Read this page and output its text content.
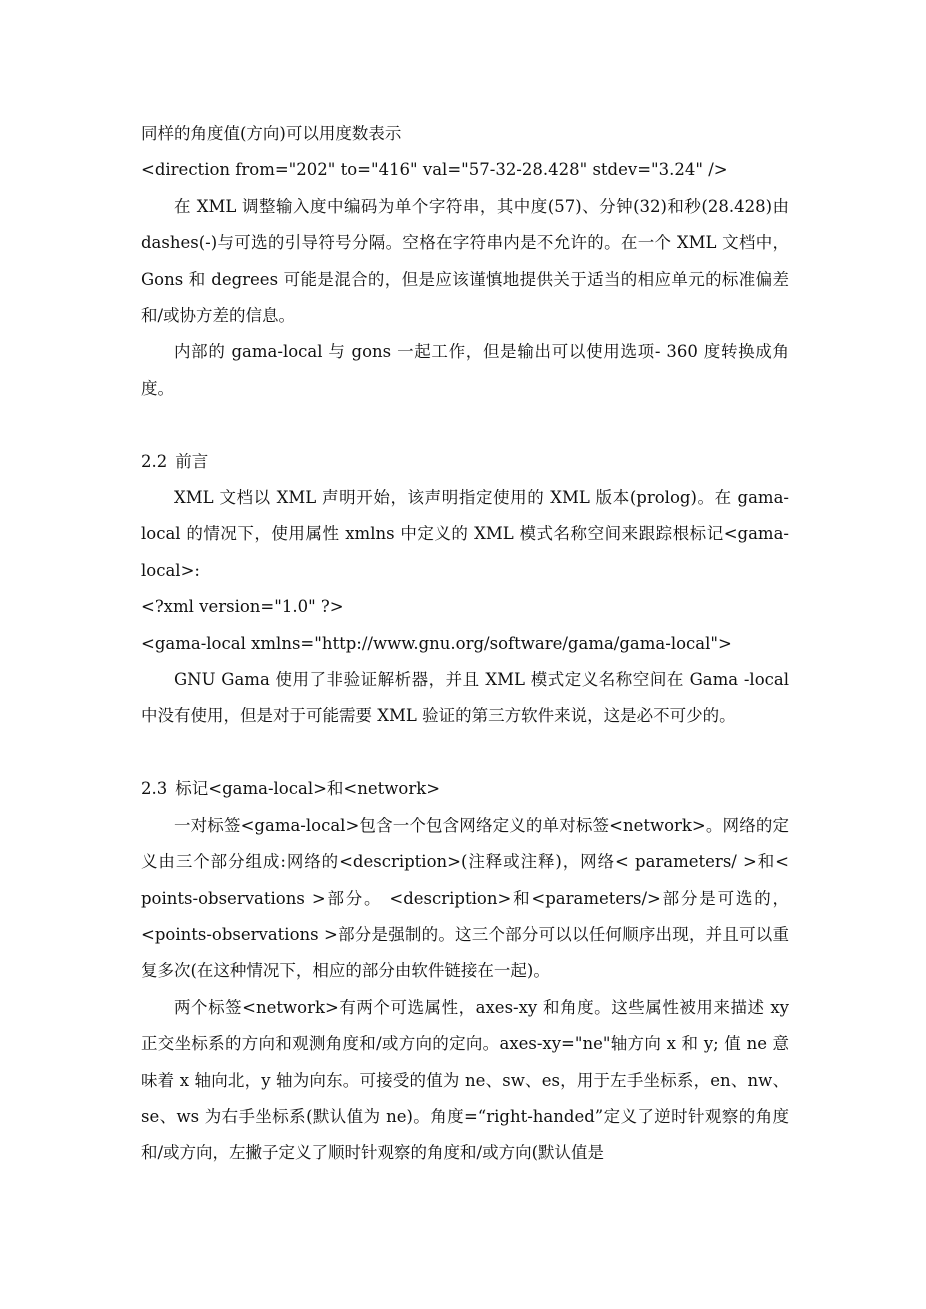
同样的角度值(方向)可以用度数表示

<direction from="202" to="416" val="57-32-28.428" stdev="3.24" />

在 XML 调整输入度中编码为单个字符串，其中度(57)、分钟(32)和秒(28.428)由 dashes(-)与可选的引导符号分隔。空格在字符串内是不允许的。在一个 XML 文档中，Gons 和 degrees 可能是混合的，但是应该谨慎地提供关于适当的相应单元的标准偏差和/或协方差的信息。

内部的 gama-local 与 gons 一起工作，但是输出可以使用选项- 360 度转换成角度。

2.2 前言

XML 文档以 XML 声明开始，该声明指定使用的 XML 版本(prolog)。在 gama-local 的情况下，使用属性 xmlns 中定义的 XML 模式名称空间来跟踪根标记<gama-local>:

<?xml version="1.0" ?>

<gama-local xmlns="http://www.gnu.org/software/gama/gama-local">

GNU Gama 使用了非验证解析器，并且 XML 模式定义名称空间在 Gama -local 中没有使用，但是对于可能需要 XML 验证的第三方软件来说，这是必不可少的。

2.3 标记<gama-local>和<network>

一对标签<gama-local>包含一个包含网络定义的单对标签<network>。网络的定义由三个部分组成:网络的<description>(注释或注释)，网络< parameters/ >和< points-observations >部分。 <description>和<parameters/>部分是可选的，<points-observations >部分是强制的。这三个部分可以以任何顺序出现，并且可以重复多次(在这种情况下，相应的部分由软件链接在一起)。

两个标签<network>有两个可选属性，axes-xy 和角度。这些属性被用来描述 xy 正交坐标系的方向和观测角度和/或方向的定向。axes-xy="ne"轴方向 x 和 y; 值 ne 意味着 x 轴向北，y 轴为向东。可接受的值为 ne、sw、es，用于左手坐标系，en、nw、se、ws 为右手坐标系(默认值为 ne)。角度=“right-handed”定义了逆时针观察的角度和/或方向，左撇子定义了顺时针观察的角度和/或方向(默认值是
